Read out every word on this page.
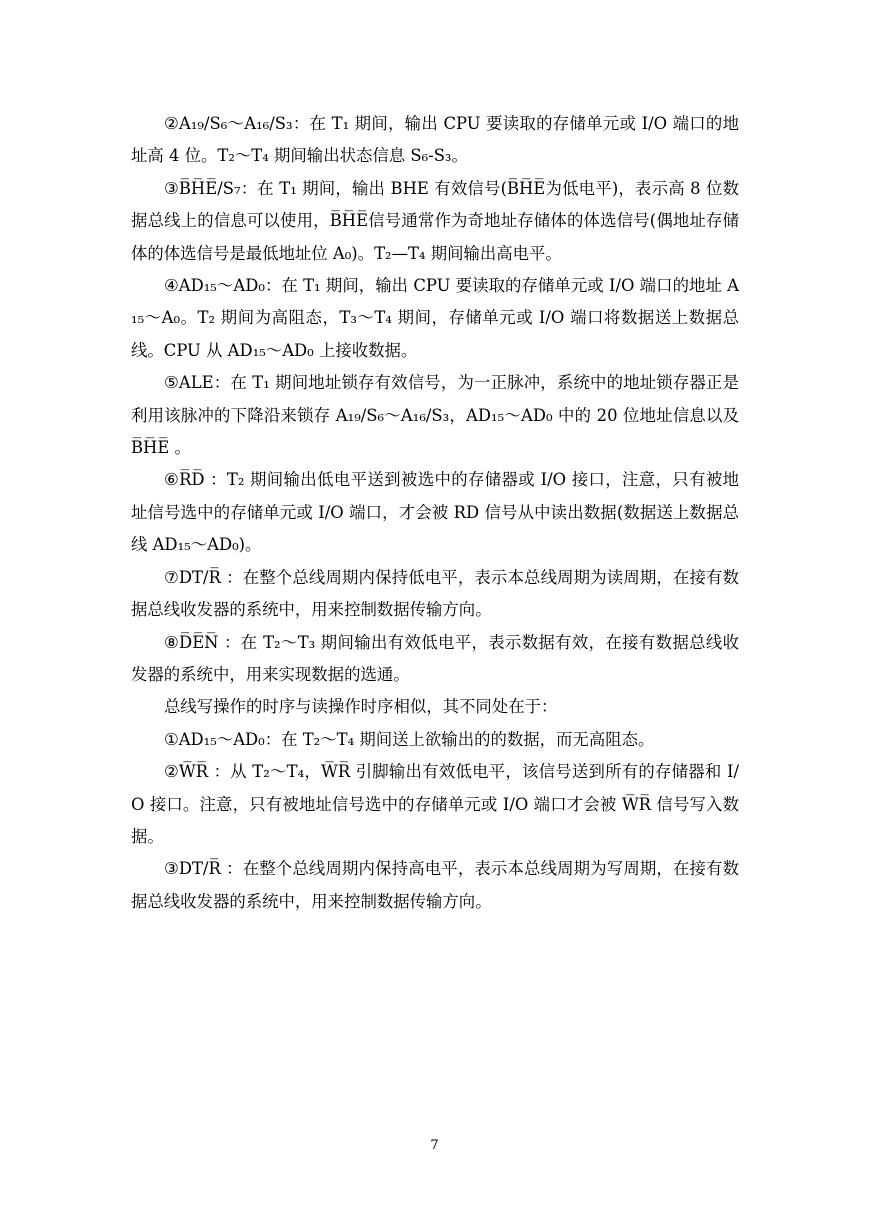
②A₁₉/S₆～A₁₆/S₃：在 T₁ 期间，输出 CPU 要读取的存储单元或 I/O 端口的地址高 4 位。T₂～T₄ 期间输出状态信息 S₆-S₃。

③B̅H̅E̅/S₇：在 T₁ 期间，输出 BHE 有效信号(B̅H̅E̅为低电平)，表示高 8 位数据总线上的信息可以使用，B̅H̅E̅信号通常作为奇地址存储体的体选信号(偶地址存储体的体选信号是最低地址位 A₀)。T₂—T₄ 期间输出高电平。

④AD₁₅～AD₀：在 T₁ 期间，输出 CPU 要读取的存储单元或 I/O 端口的地址 A₁₅～A₀。T₂ 期间为高阻态，T₃～T₄ 期间，存储单元或 I/O 端口将数据送上数据总线。CPU 从 AD₁₅～AD₀ 上接收数据。

⑤ALE：在 T₁ 期间地址锁存有效信号，为一正脉冲，系统中的地址锁存器正是利用该脉冲的下降沿来锁存 A₁₉/S₆～A₁₆/S₃，AD₁₅～AD₀ 中的 20 位地址信息以及 B̅H̅E̅ 。

⑥R̅D̅ ：T₂ 期间输出低电平送到被选中的存储器或 I/O 接口，注意，只有被地址信号选中的存储单元或 I/O 端口，才会被 RD 信号从中读出数据(数据送上数据总线 AD₁₅～AD₀)。

⑦DT/R̅ ：在整个总线周期内保持低电平，表示本总线周期为读周期，在接有数据总线收发器的系统中，用来控制数据传输方向。

⑧D̅E̅N̅ ：在 T₂～T₃ 期间输出有效低电平，表示数据有效，在接有数据总线收发器的系统中，用来实现数据的选通。

总线写操作的时序与读操作时序相似，其不同处在于：

①AD₁₅～AD₀：在 T₂～T₄ 期间送上欲输出的的数据，而无高阻态。

②W̅R̅ ：从 T₂～T₄，W̅R̅ 引脚输出有效低电平，该信号送到所有的存储器和 I/O 接口。注意，只有被地址信号选中的存储单元或 I/O 端口才会被 W̅R̅ 信号写入数据。

③DT/R̅ ：在整个总线周期内保持高电平，表示本总线周期为写周期，在接有数据总线收发器的系统中，用来控制数据传输方向。

7
